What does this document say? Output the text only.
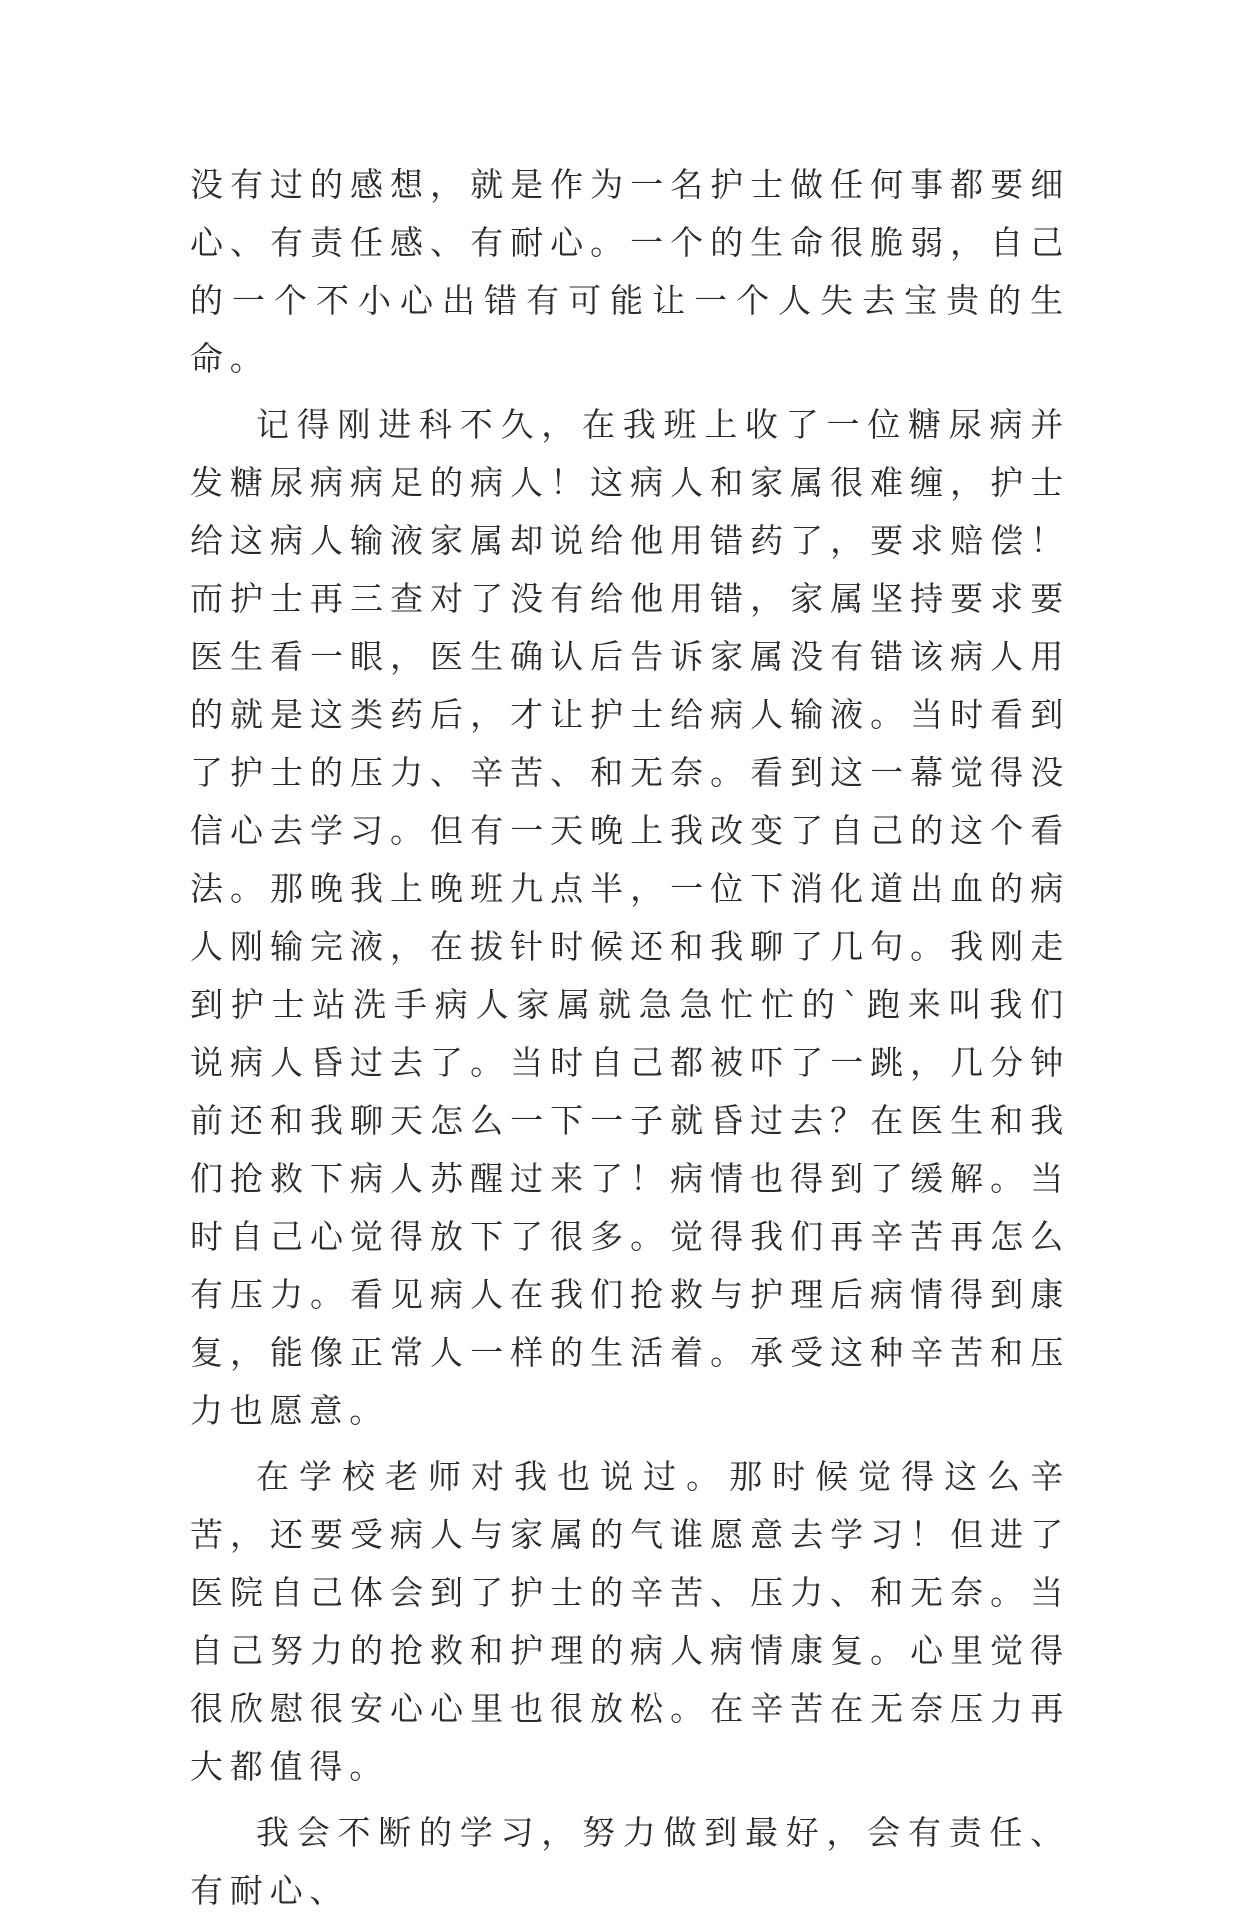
没有过的感想，就是作为一名护士做任何事都要细心、有责任感、有耐心。一个的生命很脆弱，自己的一个不小心出错有可能让一个人失去宝贵的生命。

记得刚进科不久，在我班上收了一位糖尿病并发糖尿病病足的病人！这病人和家属很难缠，护士给这病人输液家属却说给他用错药了，要求赔偿！而护士再三查对了没有给他用错，家属坚持要求要医生看一眼，医生确认后告诉家属没有错该病人用的就是这类药后，才让护士给病人输液。当时看到了护士的压力、辛苦、和无奈。看到这一幕觉得没信心去学习。但有一天晚上我改变了自己的这个看法。那晚我上晚班九点半，一位下消化道出血的病人刚输完液，在拔针时候还和我聊了几句。我刚走到护士站洗手病人家属就急急忙忙的`跑来叫我们说病人昏过去了。当时自己都被吓了一跳，几分钟前还和我聊天怎么一下一子就昏过去？在医生和我们抢救下病人苏醒过来了！病情也得到了缓解。当时自己心觉得放下了很多。觉得我们再辛苦再怎么有压力。看见病人在我们抢救与护理后病情得到康复，能像正常人一样的生活着。承受这种辛苦和压力也愿意。

在学校老师对我也说过。那时候觉得这么辛苦，还要受病人与家属的气谁愿意去学习！但进了医院自己体会到了护士的辛苦、压力、和无奈。当自己努力的抢救和护理的病人病情康复。心里觉得很欣慰很安心心里也很放松。在辛苦在无奈压力再大都值得。

我会不断的学习，努力做到最好，会有责任、有耐心、
